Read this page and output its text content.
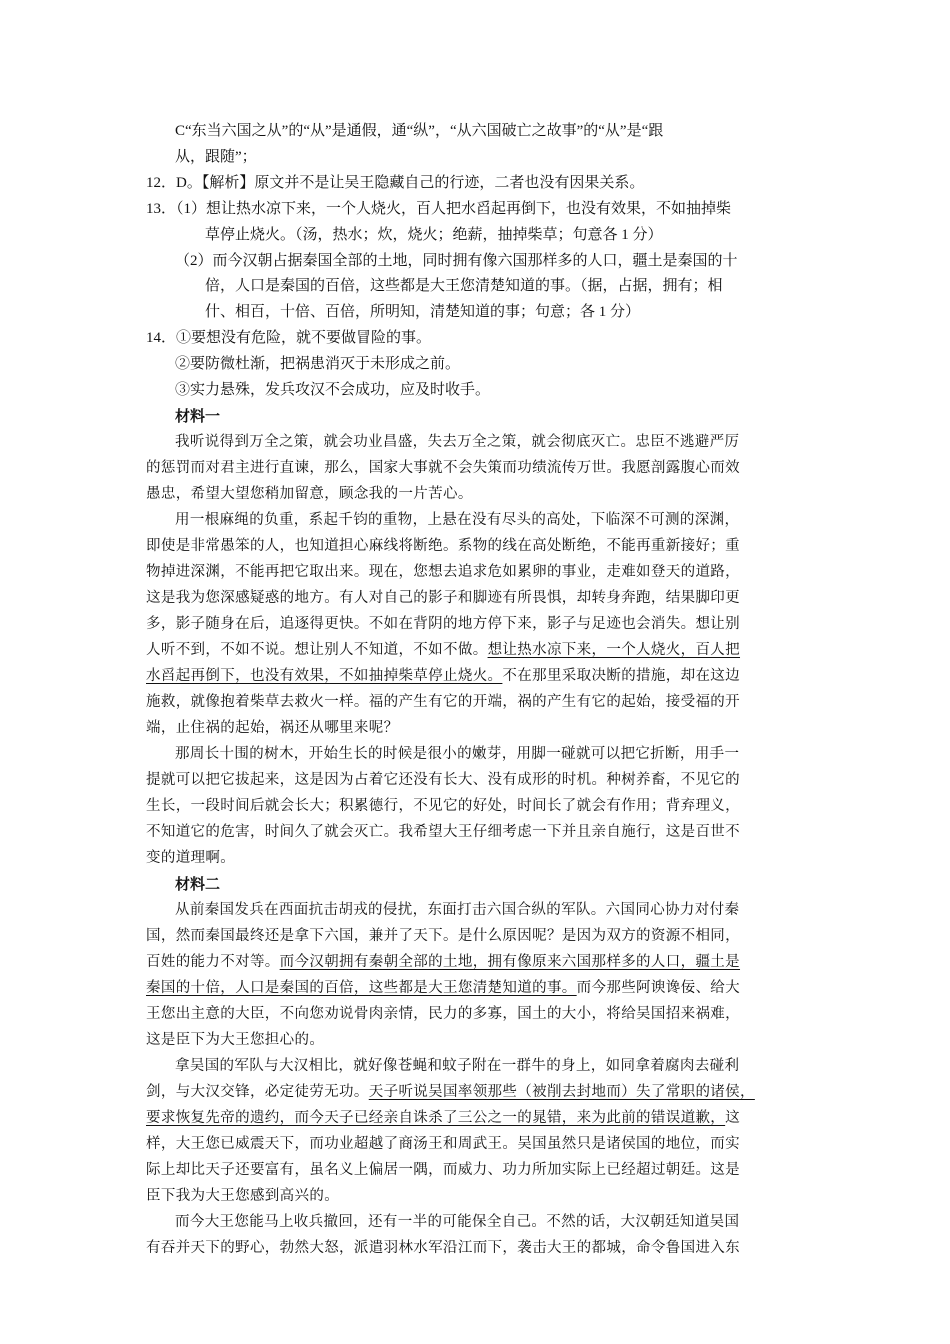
C“东当六国之从”的“从”是通假，通“纵”，“从六国破亡之故事”的“从”是“跟
从，跟随”；
12．D。【解析】原文并不是让吴王隐藏自己的行迹，二者也没有因果关系。
13．（1）想让热水凉下来，一个人烧火，百人把水舀起再倒下，也没有效果，不如抽掉柴
草停止烧火。（汤，热水；炊，烧火；绝薪，抽掉柴草；句意各 1 分）
（2）而今汉朝占据秦国全部的土地，同时拥有像六国那样多的人口，疆土是秦国的十
倍，人口是秦国的百倍，这些都是大王您清楚知道的事。（据，占据，拥有；相
什、相百，十倍、百倍，所明知，清楚知道的事；句意；各 1 分）
14．①要想没有危险，就不要做冒险的事。
②要防微杜渐，把祸患消灭于未形成之前。
③实力悬殊，发兵攻汉不会成功，应及时收手。
材料一
我听说得到万全之策，就会功业昌盛，失去万全之策，就会彻底灭亡。忠臣不逃避严厉
的惩罚而对君主进行直谏，那么，国家大事就不会失策而功绩流传万世。我愿剖露腹心而效
愚忠，希望大望您稍加留意，顾念我的一片苦心。
用一根麻绳的负重，系起千钧的重物，上悬在没有尽头的高处，下临深不可测的深渊，
即使是非常愚笨的人，也知道担心麻线将断绝。系物的线在高处断绝，不能再重新接好；重
物掉进深渊，不能再把它取出来。现在，您想去追求危如累卵的事业，走难如登天的道路，
这是我为您深感疑惑的地方。有人对自己的影子和脚迹有所畏惧，却转身奔跑，结果脚印更
多，影子随身在后，追逐得更快。不如在背阴的地方停下来，影子与足迹也会消失。想让别
人听不到，不如不说。想让别人不知道，不如不做。想让热水凉下来，一个人烧火，百人把
水舀起再倒下，也没有效果，不如抽掉柴草停止烧火。不在那里采取决断的措施，却在这边
施救，就像抱着柴草去救火一样。福的产生有它的开端，祸的产生有它的起始，接受福的开
端，止住祸的起始，祸还从哪里来呢？
那周长十围的树木，开始生长的时候是很小的嫩芽，用脚一碰就可以把它折断，用手一
提就可以把它拔起来，这是因为占着它还没有长大、没有成形的时机。种树养畜，不见它的
生长，一段时间后就会长大；积累德行，不见它的好处，时间长了就会有作用；背弃理义，
不知道它的危害，时间久了就会灭亡。我希望大王仔细考虑一下并且亲自施行，这是百世不
变的道理啊。
材料二
从前秦国发兵在西面抗击胡戎的侵扰，东面打击六国合纵的军队。六国同心协力对付秦
国，然而秦国最终还是拿下六国，兼并了天下。是什么原因呢？是因为双方的资源不相同，
百姓的能力不对等。而今汉朝拥有秦朝全部的土地，拥有像原来六国那样多的人口，疆土是
秦国的十倍，人口是秦国的百倍，这些都是大王您清楚知道的事。而今那些阿谀谗佞、给大
王您出主意的大臣，不向您劝说骨肉亲情，民力的多寡，国土的大小，将给吴国招来祸难，
这是臣下为大王您担心的。
拿吴国的军队与大汉相比，就好像苍蝇和蚊子附在一群牛的身上，如同拿着腐肉去碰利
剑，与大汉交锋，必定徒劳无功。天子听说吴国率领那些（被削去封地而）失了常职的诸侯，
要求恢复先帝的遗约，而今天子已经亲自诛杀了三公之一的晁错，来为此前的错误道歉，这
样，大王您已威震天下，而功业超越了商汤王和周武王。吴国虽然只是诸侯国的地位，而实
际上却比天子还要富有，虽名义上偏居一隅，而威力、功力所加实际上已经超过朝廷。这是
臣下我为大王您感到高兴的。
而今大王您能马上收兵撤回，还有一半的可能保全自己。不然的话，大汉朝廷知道吴国
有吞并天下的野心，勃然大怒，派遣羽林水军沿江而下，袭击大王的都城，命令鲁国进入东
